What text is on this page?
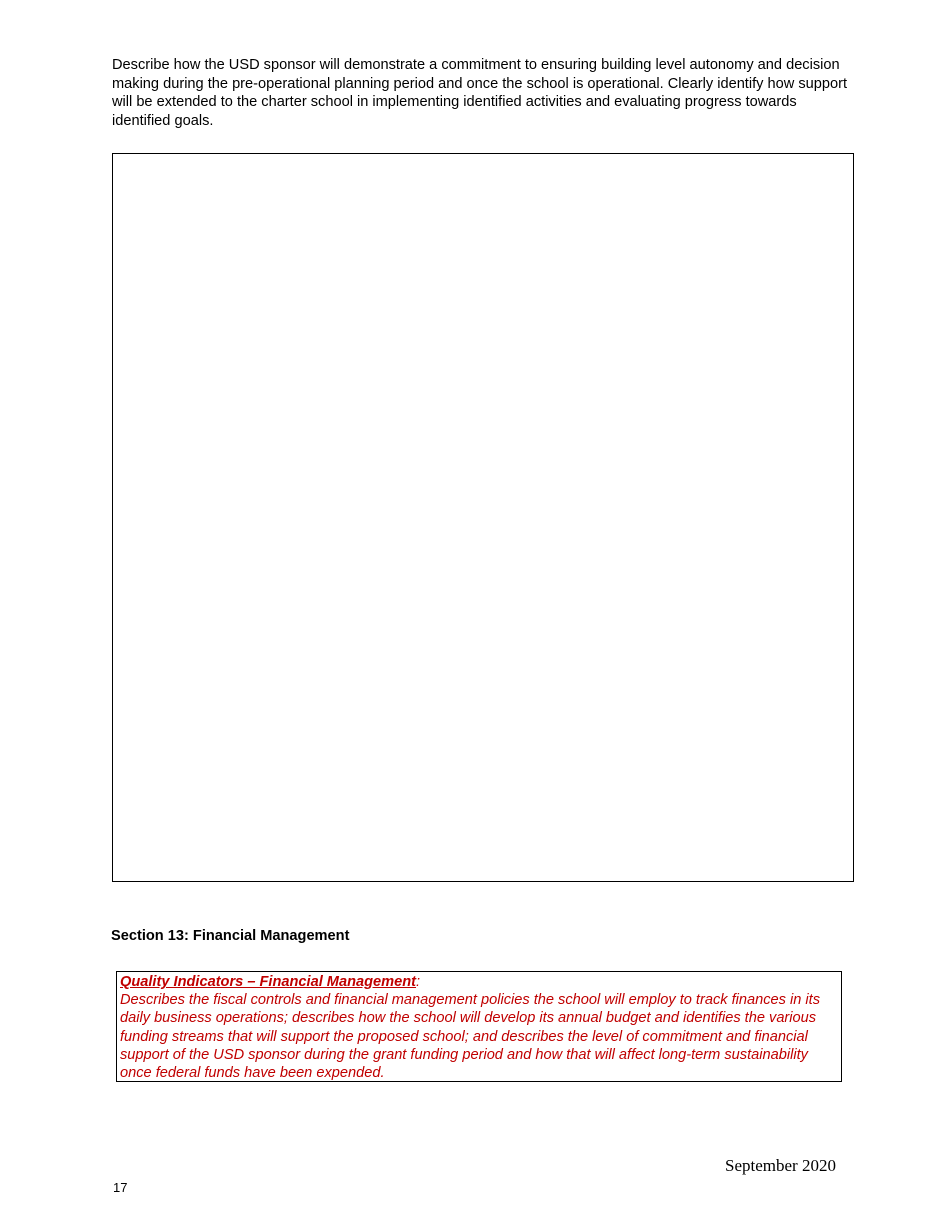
Describe how the USD sponsor will demonstrate a commitment to ensuring building level autonomy and decision making during the pre-operational planning period and once the school is operational. Clearly identify how support will be extended to the charter school in implementing identified activities and evaluating progress towards identified goals.

Section 13: Financial Management

Quality Indicators – Financial Management:
Describes the fiscal controls and financial management policies the school will employ to track finances in its daily business operations; describes how the school will develop its annual budget and identifies the various funding streams that will support the proposed school; and describes the level of commitment and financial support of the USD sponsor during the grant funding period and how that will affect long-term sustainability once federal funds have been expended.
September 2020
17
